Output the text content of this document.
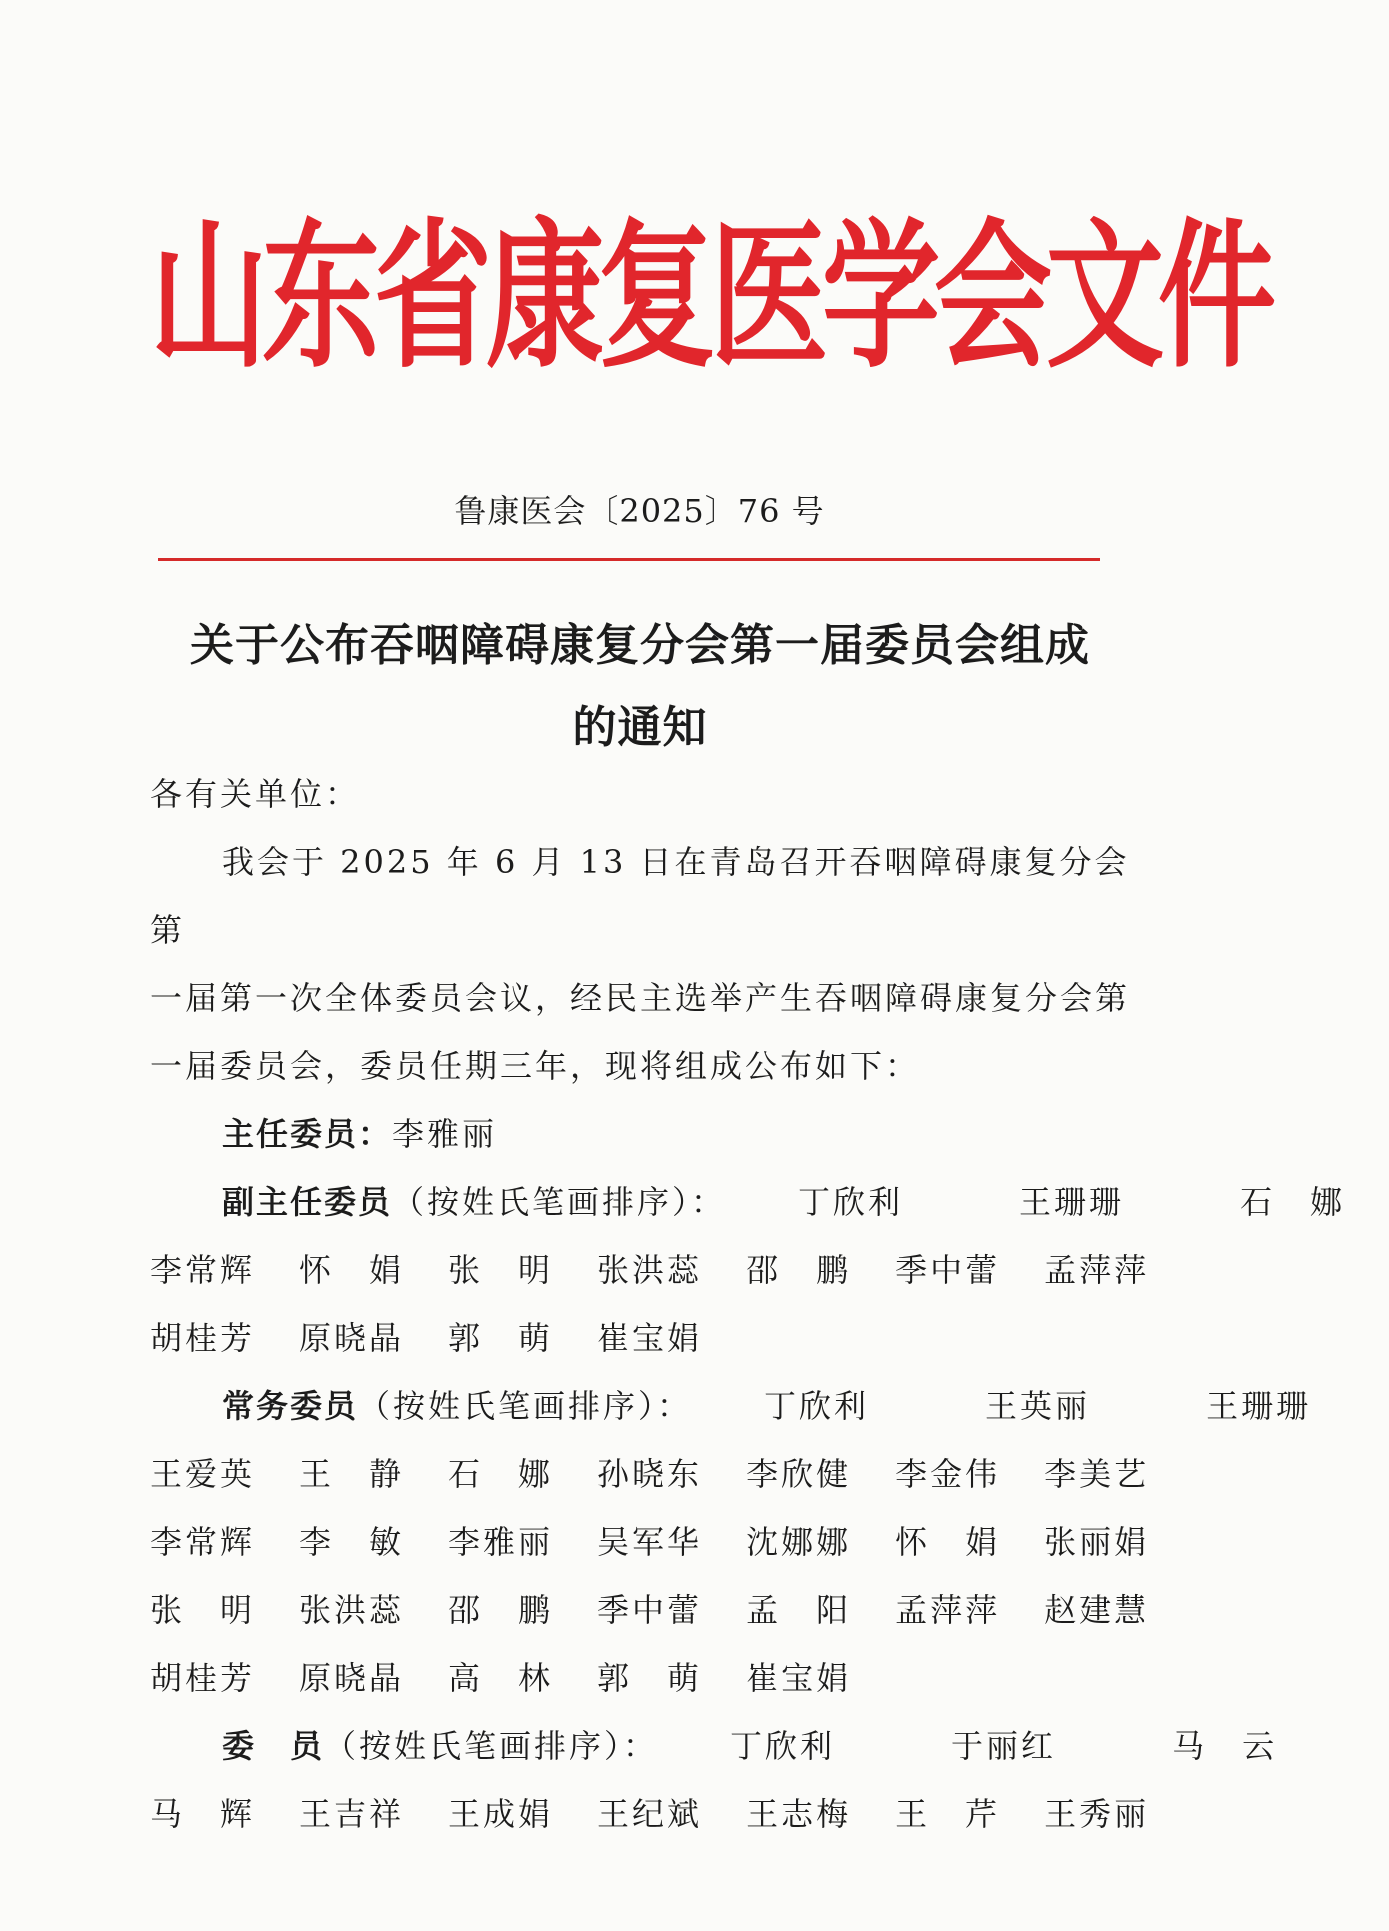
山东省康复医学会文件
鲁康医会〔2025〕76 号
关于公布吞咽障碍康复分会第一届委员会组成
的通知

各有关单位：

我会于 2025 年 6 月 13 日在青岛召开吞咽障碍康复分会第

一届第一次全体委员会议，经民主选举产生吞咽障碍康复分会第

一届委员会，委员任期三年，现将组成公布如下：

主任委员：李雅丽

副主任委员（按姓氏笔画排序）： 丁欣利	王珊珊	石　娜

李常辉 怀　娟 张　明 张洪蕊 邵　鹏 季中蕾 孟萍萍

胡桂芳 原晓晶 郭　萌 崔宝娟

常务委员（按姓氏笔画排序）： 丁欣利	王英丽	王珊珊

王爱英 王　静 石　娜 孙晓东 李欣健 李金伟 李美艺

李常辉 李　敏 李雅丽 吴军华 沈娜娜 怀　娟 张丽娟

张　明 张洪蕊 邵　鹏 季中蕾 孟　阳 孟萍萍 赵建慧

胡桂芳 原晓晶 高　林 郭　萌 崔宝娟

委　员（按姓氏笔画排序）： 丁欣利	于丽红	马　云

马　辉 王吉祥 王成娟 王纪斌 王志梅 王　芹 王秀丽
